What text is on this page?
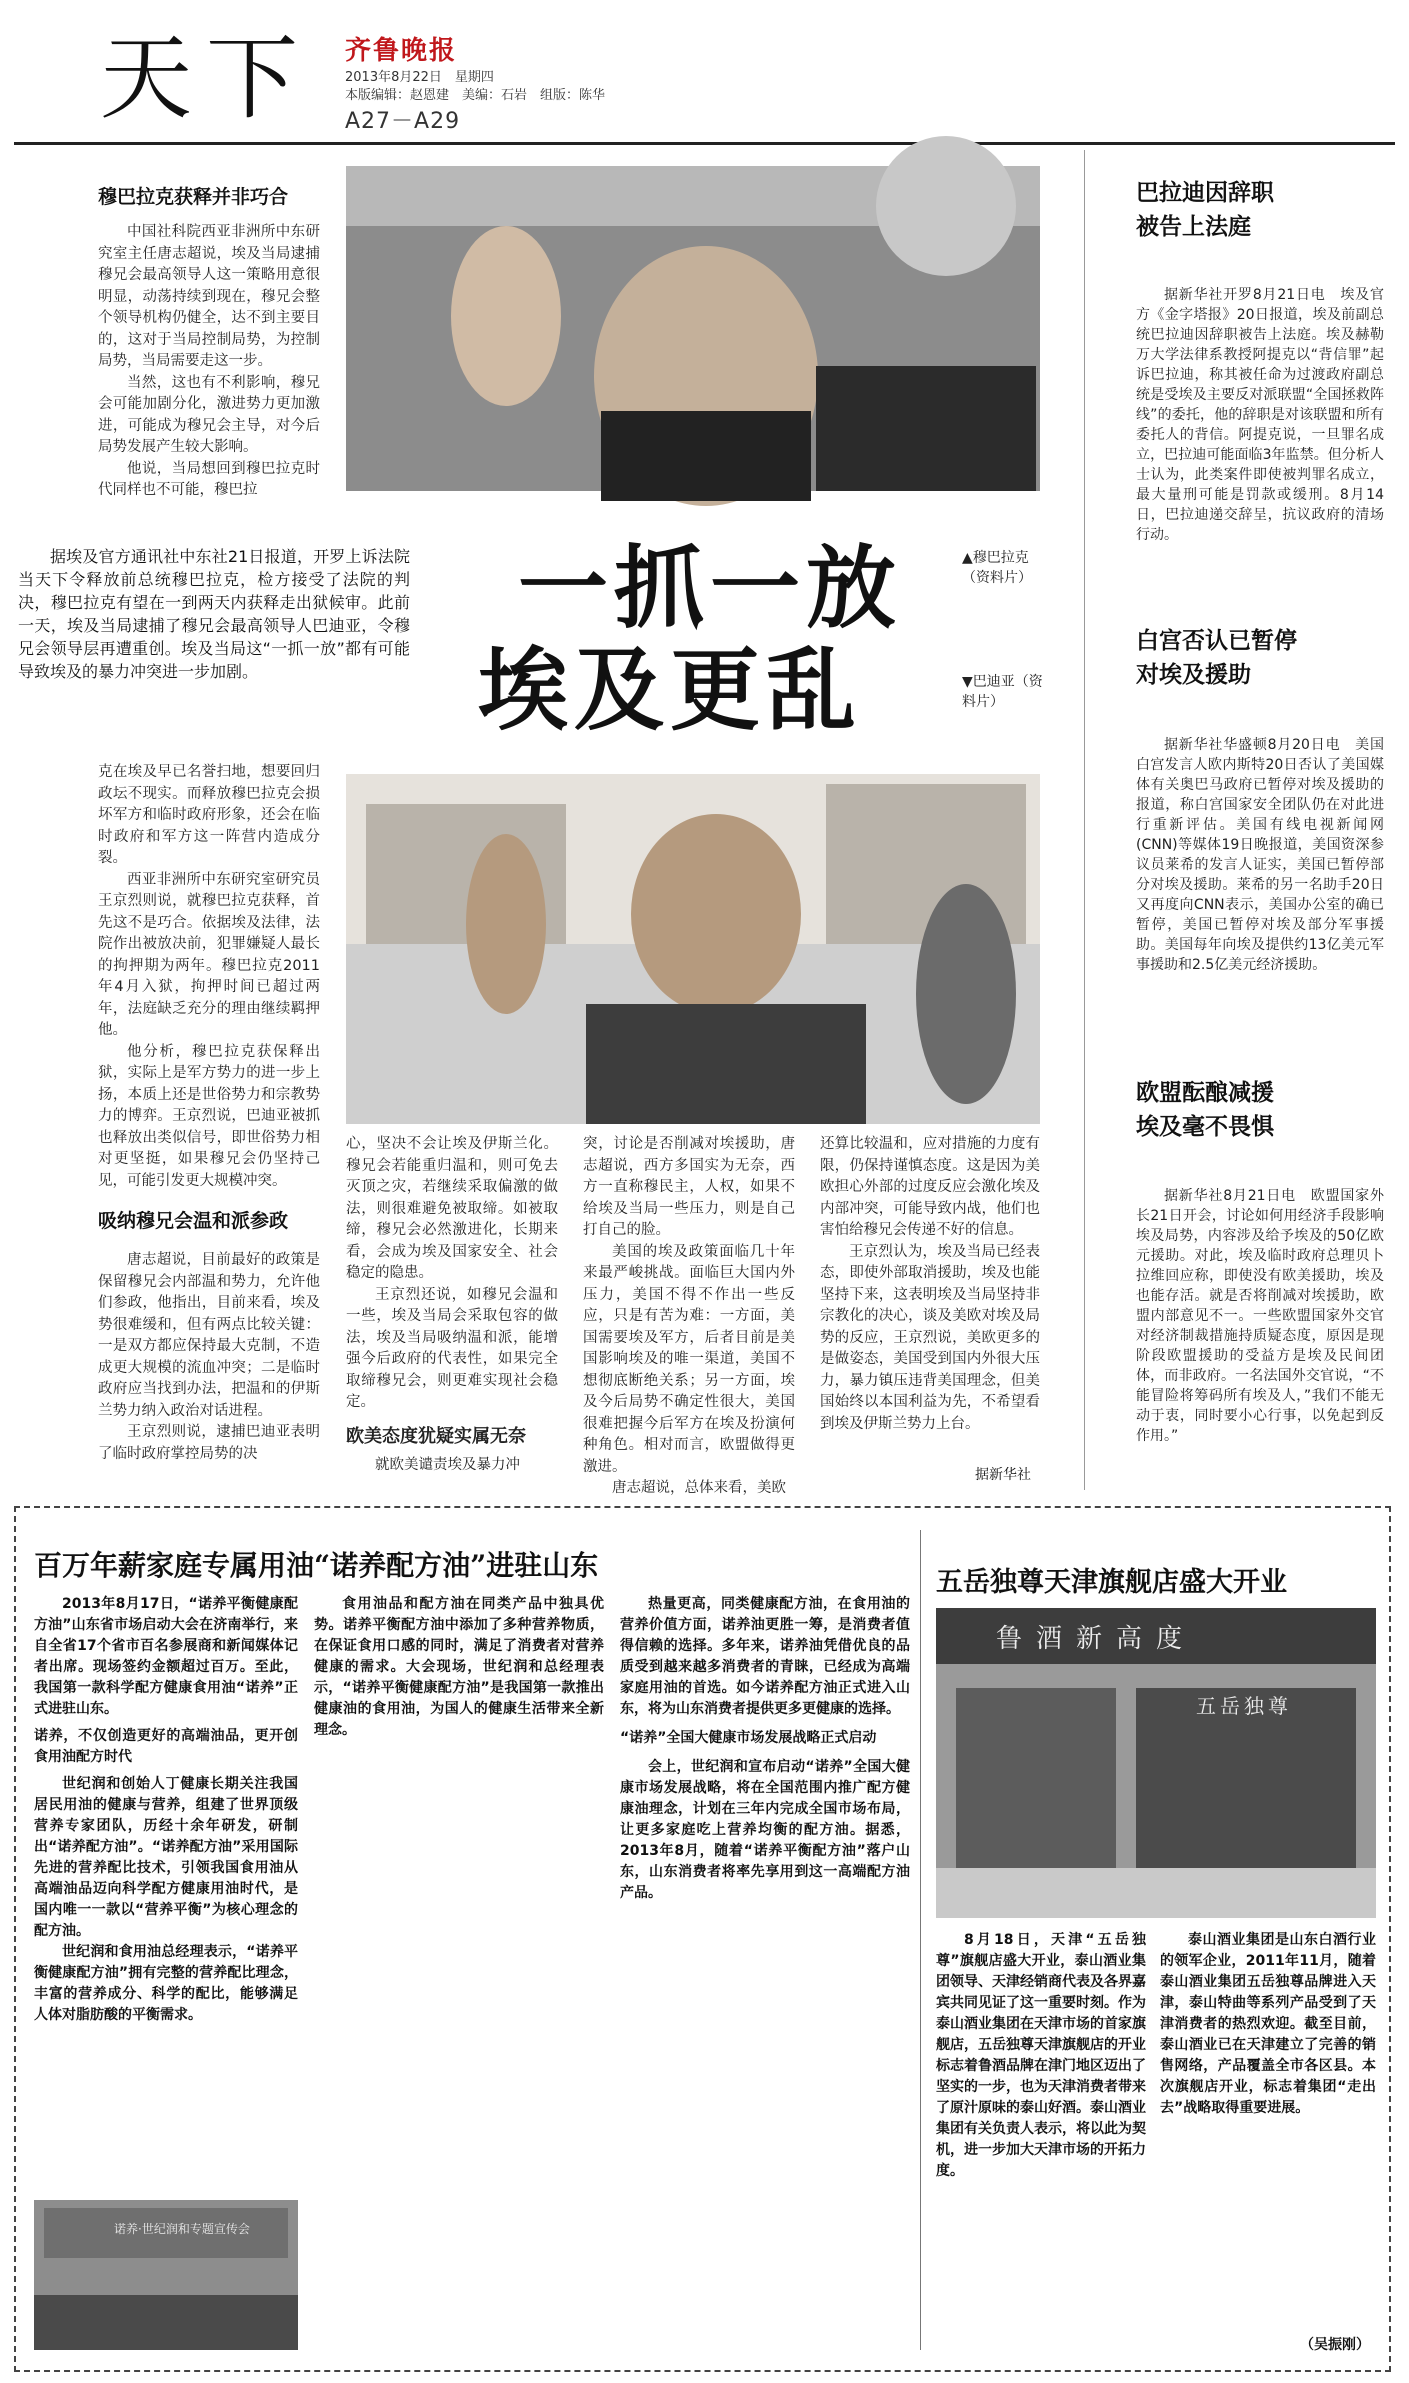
天下 齐鲁晚报
2013年8月22日　星期四
本版编辑：赵恩建　美编：石岩　组版：陈华
A27－A29
穆巴拉克获释并非巧合

中国社科院西亚非洲所中东研究室主任唐志超说，埃及当局逮捕穆兄会最高领导人这一策略用意很明显，动荡持续到现在，穆兄会整个领导机构仍健全，达不到主要目的，这对于当局控制局势，为控制局势，当局需要走这一步。

当然，这也有不利影响，穆兄会可能加剧分化，激进势力更加激进，可能成为穆兄会主导，对今后局势发展产生较大影响。

他说，当局想回到穆巴拉克时代同样也不可能，穆巴拉

据埃及官方通讯社中东社21日报道，开罗上诉法院当天下令释放前总统穆巴拉克，检方接受了法院的判决，穆巴拉克有望在一到两天内获释走出狱候审。此前一天，埃及当局逮捕了穆兄会最高领导人巴迪亚，令穆兄会领导层再遭重创。埃及当局这“一抓一放”都有可能导致埃及的暴力冲突进一步加剧。
一抓一放
埃及更乱
▲穆巴拉克（资料片）
▼巴迪亚（资料片）

克在埃及早已名誉扫地，想要回归政坛不现实。而释放穆巴拉克会损坏军方和临时政府形象，还会在临时政府和军方这一阵营内造成分裂。

西亚非洲所中东研究室研究员王京烈则说，就穆巴拉克获释，首先这不是巧合。依据埃及法律，法院作出被放决前，犯罪嫌疑人最长的拘押期为两年。穆巴拉克2011年4月入狱，拘押时间已超过两年，法庭缺乏充分的理由继续羁押他。

他分析，穆巴拉克获保释出狱，实际上是军方势力的进一步上扬，本质上还是世俗势力和宗教势力的博弈。王京烈说，巴迪亚被抓也释放出类似信号，即世俗势力相对更坚挺，如果穆兄会仍坚持己见，可能引发更大规模冲突。

吸纳穆兄会温和派参政

唐志超说，目前最好的政策是保留穆兄会内部温和势力，允许他们参政，他指出，目前来看，埃及势很难缓和，但有两点比较关键：一是双方都应保持最大克制，不造成更大规模的流血冲突；二是临时政府应当找到办法，把温和的伊斯兰势力纳入政治对话进程。

王京烈则说，逮捕巴迪亚表明了临时政府掌控局势的决

心，坚决不会让埃及伊斯兰化。穆兄会若能重归温和，则可免去灭顶之灾，若继续采取偏激的做法，则很难避免被取缔。如被取缔，穆兄会必然激进化，长期来看，会成为埃及国家安全、社会稳定的隐患。

王京烈还说，如穆兄会温和一些，埃及当局会采取包容的做法，埃及当局吸纳温和派，能增强今后政府的代表性，如果完全取缔穆兄会，则更难实现社会稳定。

欧美态度犹疑实属无奈

就欧美谴责埃及暴力冲

突，讨论是否削减对埃援助，唐志超说，西方多国实为无奈，西方一直称穆民主，人权，如果不给埃及当局一些压力，则是自己打自己的脸。

美国的埃及政策面临几十年来最严峻挑战。面临巨大国内外压力，美国不得不作出一些反应，只是有苦为难：一方面，美国需要埃及军方，后者目前是美国影响埃及的唯一渠道，美国不想彻底断绝关系；另一方面，埃及今后局势不确定性很大，美国很难把握今后军方在埃及扮演何种角色。相对而言，欧盟做得更激进。

唐志超说，总体来看，美欧

还算比较温和，应对措施的力度有限，仍保持谨慎态度。这是因为美欧担心外部的过度反应会激化埃及内部冲突，可能导致内战，他们也害怕给穆兄会传递不好的信息。

王京烈认为，埃及当局已经表态，即使外部取消援助，埃及也能坚持下来，这表明埃及当局坚持非宗教化的决心，谈及美欧对埃及局势的反应，王京烈说，美欧更多的是做姿态，美国受到国内外很大压力，暴力镇压违背美国理念，但美国始终以本国利益为先，不希望看到埃及伊斯兰势力上台。

据新华社
巴拉迪因辞职
被告上法庭
据新华社开罗8月21日电　埃及官方《金字塔报》20日报道，埃及前副总统巴拉迪因辞职被告上法庭。埃及赫勒万大学法律系教授阿提克以“背信罪”起诉巴拉迪，称其被任命为过渡政府副总统是受埃及主要反对派联盟“全国拯救阵线”的委托，他的辞职是对该联盟和所有委托人的背信。阿提克说，一旦罪名成立，巴拉迪可能面临3年监禁。但分析人士认为，此类案件即使被判罪名成立，最大量刑可能是罚款或缓刑。8月14日，巴拉迪递交辞呈，抗议政府的清场行动。
白宫否认已暂停
对埃及援助
据新华社华盛顿8月20日电　美国白宫发言人欧内斯特20日否认了美国媒体有关奥巴马政府已暂停对埃及援助的报道，称白宫国家安全团队仍在对此进行重新评估。美国有线电视新闻网(CNN)等媒体19日晚报道，美国资深参议员莱希的发言人证实，美国已暂停部分对埃及援助。莱希的另一名助手20日又再度向CNN表示，美国办公室的确已暂停，美国已暂停对埃及部分军事援助。美国每年向埃及提供约13亿美元军事援助和2.5亿美元经济援助。
欧盟酝酿减援
埃及毫不畏惧
据新华社8月21日电　欧盟国家外长21日开会，讨论如何用经济手段影响埃及局势，内容涉及给予埃及的50亿欧元援助。对此，埃及临时政府总理贝卜拉维回应称，即使没有欧美援助，埃及也能存活。就是否将削减对埃援助，欧盟内部意见不一。一些欧盟国家外交官对经济制裁措施持质疑态度，原因是现阶段欧盟援助的受益方是埃及民间团体，而非政府。一名法国外交官说，“不能冒险将筹码所有埃及人，”我们不能无动于衷，同时要小心行事，以免起到反作用。”
百万年薪家庭专属用油“诺养配方油”进驻山东

2013年8月17日，“诺养平衡健康配方油”山东省市场启动大会在济南举行，来自全省17个省市百名参展商和新闻媒体记者出席。现场签约金额超过百万。至此，我国第一款科学配方健康食用油“诺养”正式进驻山东。

诺养，不仅创造更好的高端油品，更开创食用油配方时代

世纪润和创始人丁健康长期关注我国居民用油的健康与营养，组建了世界顶级营养专家团队，历经十余年研发，研制出“诺养配方油”。“诺养配方油”采用国际先进的营养配比技术，引领我国食用油从高端油品迈向科学配方健康用油时代，是国内唯一一款以“营养平衡”为核心理念的配方油。

世纪润和食用油总经理表示，“诺养平衡健康配方油”拥有完整的营养配比理念，丰富的营养成分、科学的配比，能够满足人体对脂肪酸的平衡需求。

诺养·世纪润和专题宣传会
食用油品和配方油在同类产品中独具优势。诺养平衡配方油中添加了多种营养物质，在保证食用口感的同时，满足了消费者对营养健康的需求。大会现场，世纪润和总经理表示，“诺养平衡健康配方油”是我国第一款推出健康油的食用油，为国人的健康生活带来全新理念。

热量更高，同类健康配方油，在食用油的营养价值方面，诺养油更胜一筹，是消费者值得信赖的选择。多年来，诺养油凭借优良的品质受到越来越多消费者的青睐，已经成为高端家庭用油的首选。如今诺养配方油正式进入山东，将为山东消费者提供更多更健康的选择。

“诺养”全国大健康市场发展战略正式启动

会上，世纪润和宣布启动“诺养”全国大健康市场发展战略，将在全国范围内推广配方健康油理念，计划在三年内完成全国市场布局，让更多家庭吃上营养均衡的配方油。据悉，2013年8月，随着“诺养平衡配方油”落户山东，山东消费者将率先享用到这一高端配方油产品。

五岳独尊天津旗舰店盛大开业
鲁酒新高度
五岳独尊
8月18日，天津“五岳独尊”旗舰店盛大开业，泰山酒业集团领导、天津经销商代表及各界嘉宾共同见证了这一重要时刻。作为泰山酒业集团在天津市场的首家旗舰店，五岳独尊天津旗舰店的开业标志着鲁酒品牌在津门地区迈出了坚实的一步，也为天津消费者带来了原汁原味的泰山好酒。泰山酒业集团有关负责人表示，将以此为契机，进一步加大天津市场的开拓力度。
泰山酒业集团是山东白酒行业的领军企业，2011年11月，随着泰山酒业集团五岳独尊品牌进入天津，泰山特曲等系列产品受到了天津消费者的热烈欢迎。截至目前，泰山酒业已在天津建立了完善的销售网络，产品覆盖全市各区县。本次旗舰店开业，标志着集团“走出去”战略取得重要进展。
（吴振刚）
